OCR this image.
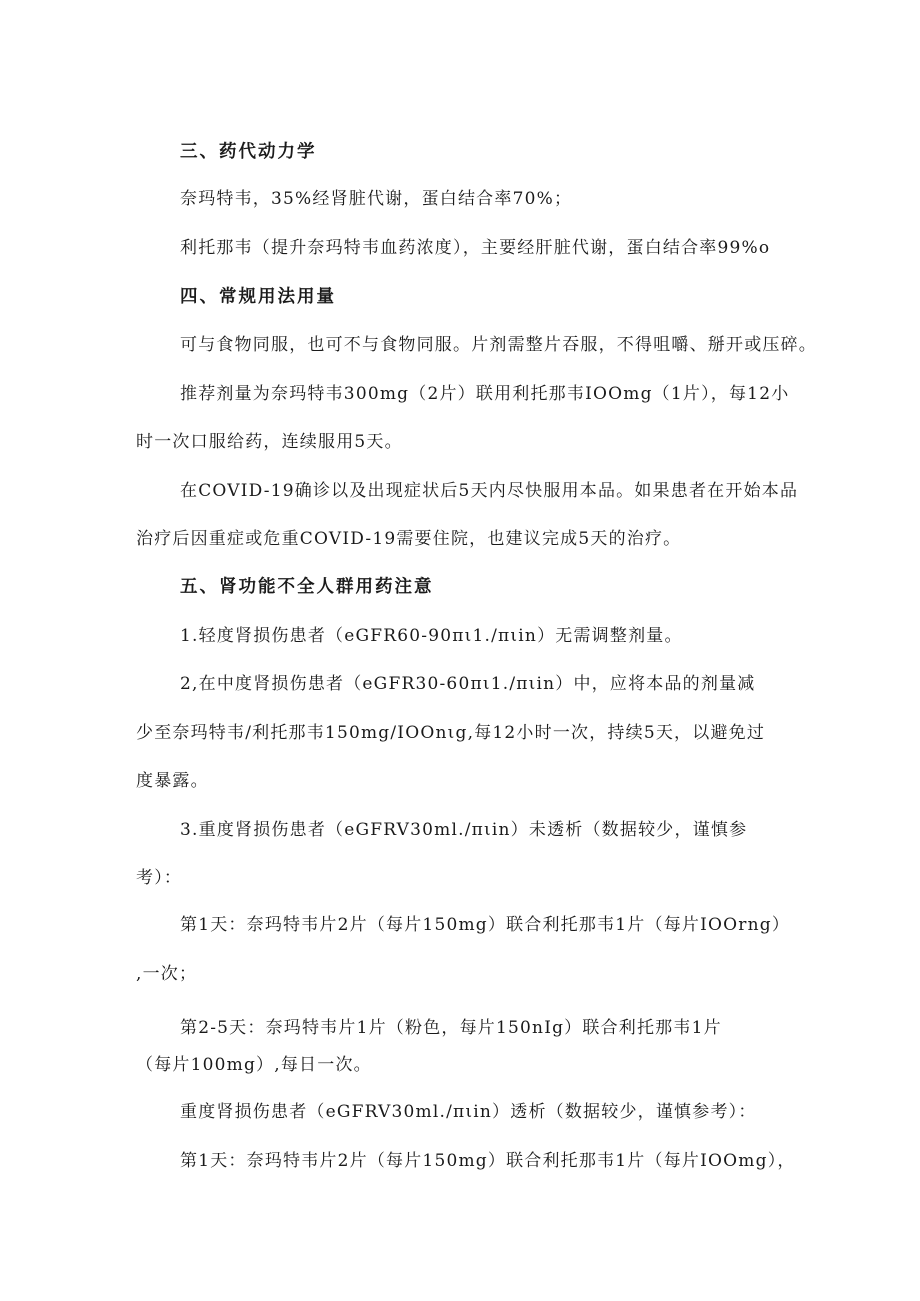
三、药代动力学

奈玛特韦，35%经肾脏代谢，蛋白结合率70%；

利托那韦（提升奈玛特韦血药浓度），主要经肝脏代谢，蛋白结合率99%o

四、常规用法用量

可与食物同服，也可不与食物同服。片剂需整片吞服，不得咀嚼、掰开或压碎。

推荐剂量为奈玛特韦300mg（2片）联用利托那韦IOOmg（1片），每12小

时一次口服给药，连续服用5天。

在COVID-19确诊以及出现症状后5天内尽快服用本品。如果患者在开始本品

治疗后因重症或危重COVID-19需要住院，也建议完成5天的治疗。

五、肾功能不全人群用药注意

1.轻度肾损伤患者（eGFR60-90πι1./πιin）无需调整剂量。

2,在中度肾损伤患者（eGFR30-60πι1./πιin）中，应将本品的剂量减

少至奈玛特韦/利托那韦150mg/IOOnιg,每12小时一次，持续5天，以避免过

度暴露。

3.重度肾损伤患者（eGFRV30ml./πιin）未透析（数据较少，谨慎参

考）：

第1天：奈玛特韦片2片（每片150mg）联合利托那韦1片（每片IOOrng）

,一次；

第2-5天：奈玛特韦片1片（粉色，每片150nIg）联合利托那韦1片

（每片100mg）,每日一次。

重度肾损伤患者（eGFRV30ml./πιin）透析（数据较少，谨慎参考）：

第1天：奈玛特韦片2片（每片150mg）联合利托那韦1片（每片IOOmg），
